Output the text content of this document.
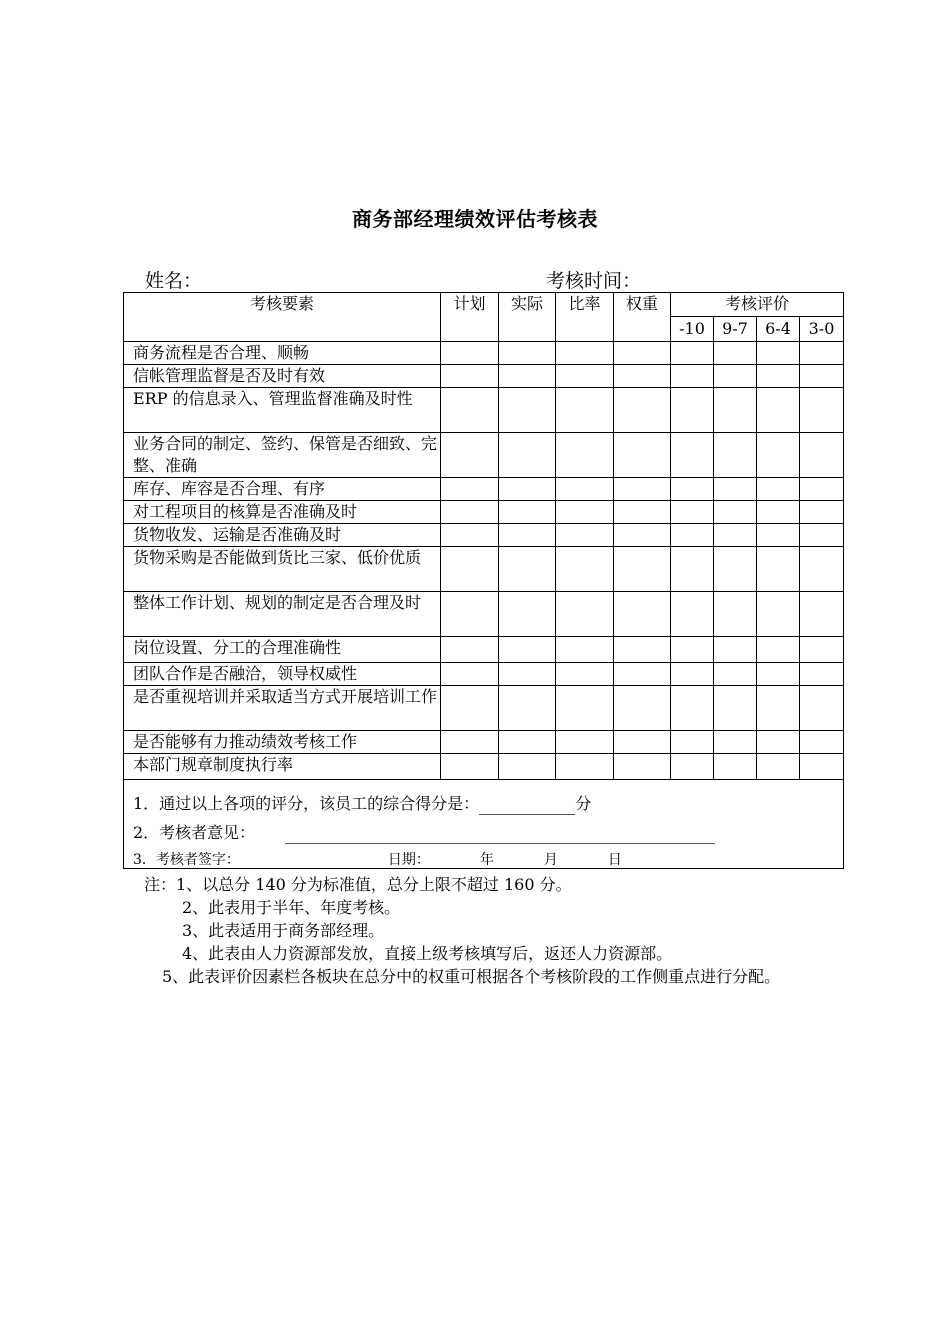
商务部经理绩效评估考核表
姓名：	考核时间：
考核要素	计划	实际	比率	权重	考核评价			
					-10	9-7	6-4	3-0
商务流程是否合理、顺畅								
信帐管理监督是否及时有效								
ERP 的信息录入、管理监督准确及时性								
业务合同的制定、签约、保管是否细致、完整、准确								
库存、库容是否合理、有序								
对工程项目的核算是否准确及时								
货物收发、运输是否准确及时								
货物采购是否能做到货比三家、低价优质								
整体工作计划、规划的制定是否合理及时								
岗位设置、分工的合理准确性								
团队合作是否融洽，领导权威性								
是否重视培训并采取适当方式开展培训工作								
是否能够有力推动绩效考核工作								
本部门规章制度执行率								

1．通过以上各项的评分，该员工的综合得分是： 分
2．考核者意见：
3．考核者签字： 日期： 年 月 日								
注：1、以总分 140 分为标准值，总分上限不超过 160 分。
2、此表用于半年、年度考核。
3、此表适用于商务部经理。
4、此表由人力资源部发放，直接上级考核填写后，返还人力资源部。
5、此表评价因素栏各板块在总分中的权重可根据各个考核阶段的工作侧重点进行分配。
